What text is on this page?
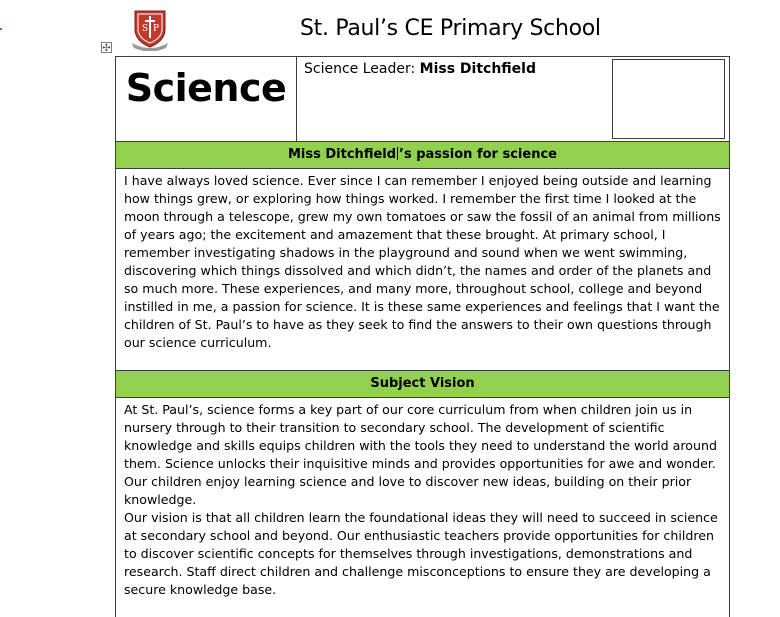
S P	St. Paul’s CE Primary School
✣
Science	Science Leader: Miss Ditchfield

Miss Ditchfield ’s passion for science

I have always loved science. Ever since I can remember I enjoyed being outside and learning how things grew, or exploring how things worked. I remember the first time I looked at the moon through a telescope, grew my own tomatoes or saw the fossil of an animal from millions of years ago; the excitement and amazement that these brought. At primary school, I remember investigating shadows in the playground and sound when we went swimming, discovering which things dissolved and which didn’t, the names and order of the planets and so much more. These experiences, and many more, throughout school, college and beyond instilled in me, a passion for science. It is these same experiences and feelings that I want the children of St. Paul’s to have as they seek to find the answers to their own questions through our science curriculum.

Subject Vision

At St. Paul’s, science forms a key part of our core curriculum from when children join us in nursery through to their transition to secondary school. The development of scientific knowledge and skills equips children with the tools they need to understand the world around them. Science unlocks their inquisitive minds and provides opportunities for awe and wonder. Our children enjoy learning science and love to discover new ideas, building on their prior knowledge.

Our vision is that all children learn the foundational ideas they will need to succeed in science at secondary school and beyond. Our enthusiastic teachers provide opportunities for children to discover scientific concepts for themselves through investigations, demonstrations and research. Staff direct children and challenge misconceptions to ensure they are developing a secure knowledge base.
